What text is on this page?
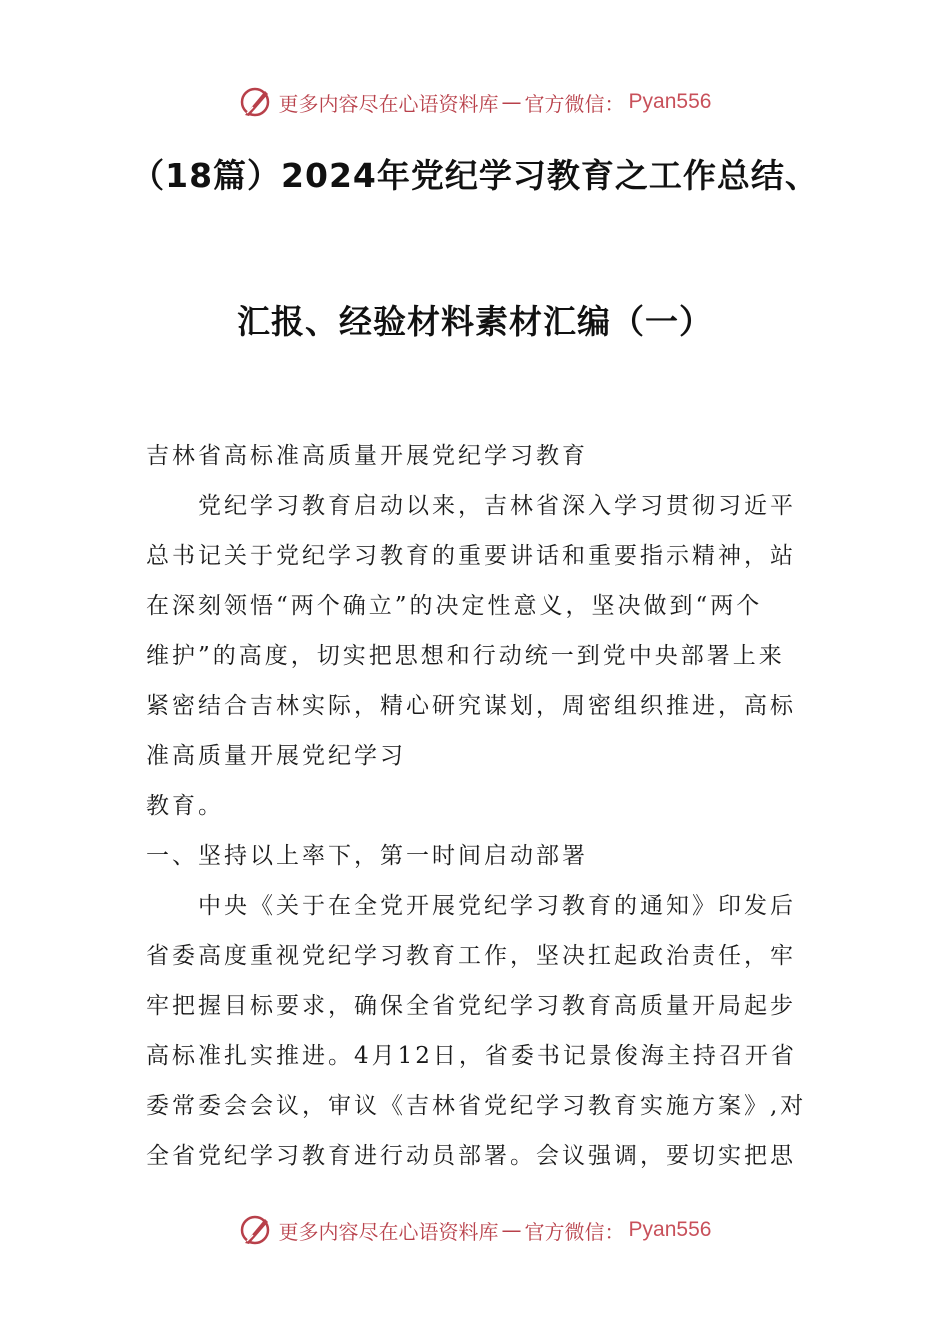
更多内容尽在心语资料库 — 官方微信： Pyan556
（18篇）2024年党纪学习教育之工作总结、
汇报、经验材料素材汇编（一）
吉林省高标准高质量开展党纪学习教育
党纪学习教育启动以来，吉林省深入学习贯彻习近平
总书记关于党纪学习教育的重要讲话和重要指示精神，站
在深刻领悟“两个确立”的决定性意义，坚决做到“两个
维护”的高度，切实把思想和行动统一到党中央部署上来
紧密结合吉林实际，精心研究谋划，周密组织推进，高标
准高质量开展党纪学习
教育。
一、坚持以上率下，第一时间启动部署
中央《关于在全党开展党纪学习教育的通知》印发后
省委高度重视党纪学习教育工作，坚决扛起政治责任，牢
牢把握目标要求，确保全省党纪学习教育高质量开局起步
高标准扎实推进。4月12日，省委书记景俊海主持召开省
委常委会会议，审议《吉林省党纪学习教育实施方案》,对
全省党纪学习教育进行动员部署。会议强调，要切实把思
更多内容尽在心语资料库 — 官方微信： Pyan556
